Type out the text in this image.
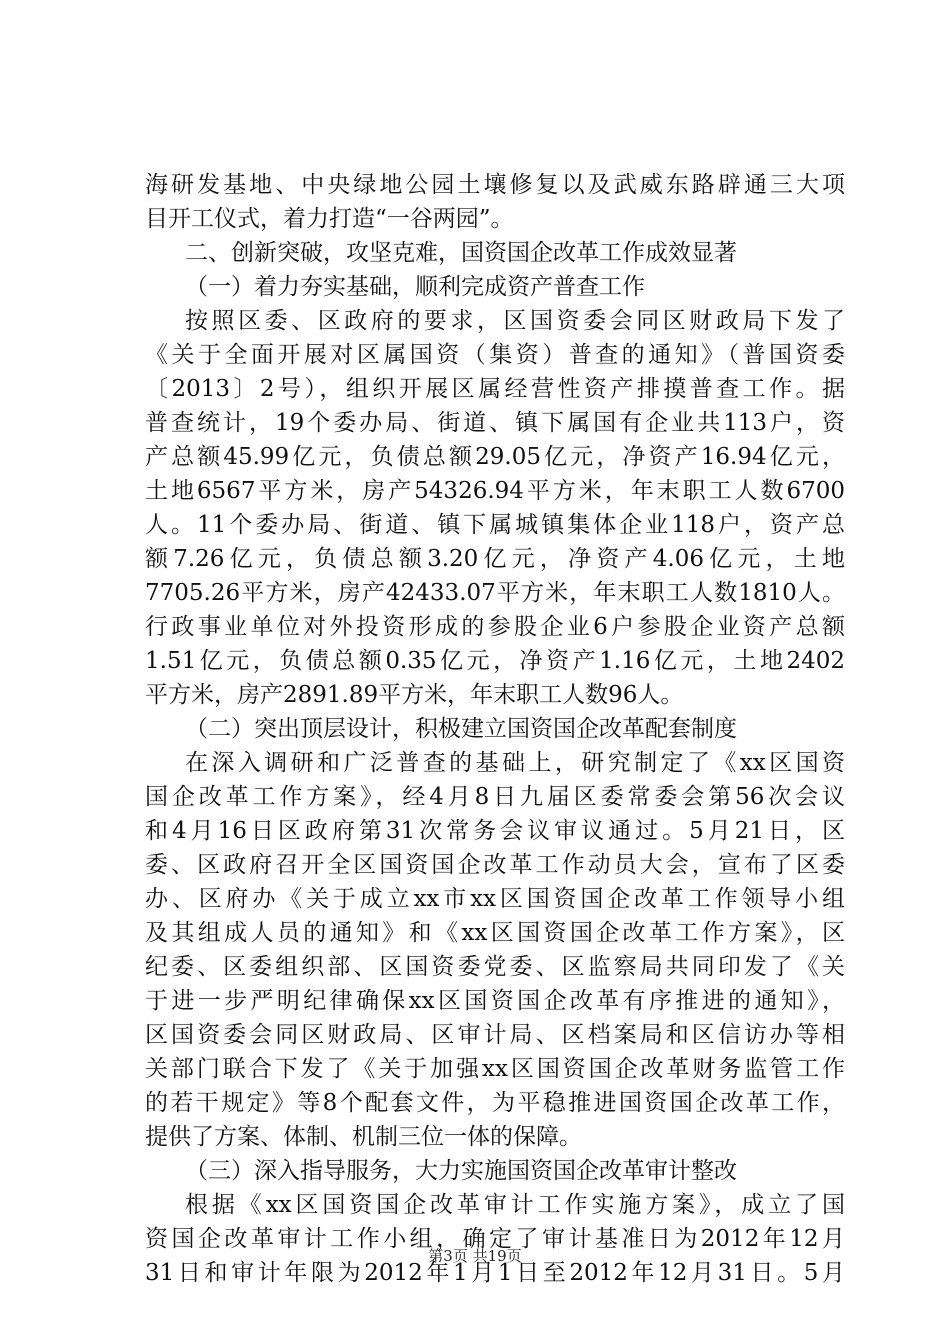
海研发基地、中央绿地公园土壤修复以及武威东路辟通三大项
目开工仪式，着力打造“一谷两园”。
二、创新突破，攻坚克难，国资国企改革工作成效显著
（一）着力夯实基础，顺利完成资产普查工作
按照区委、区政府的要求，区国资委会同区财政局下发了
《关于全面开展对区属国资（集资）普查的通知》（普国资委
〔2013〕2号），组织开展区属经营性资产排摸普查工作。据
普查统计，19个委办局、街道、镇下属国有企业共113户，资
产总额45.99亿元，负债总额29.05亿元，净资产16.94亿元，
土地6567平方米，房产54326.94平方米，年末职工人数6700
人。11个委办局、街道、镇下属城镇集体企业118户，资产总
额7.26亿元，负债总额3.20亿元，净资产4.06亿元，土地
7705.26平方米，房产42433.07平方米，年末职工人数1810人。
行政事业单位对外投资形成的参股企业6户参股企业资产总额
1.51亿元，负债总额0.35亿元，净资产1.16亿元，土地2402
平方米，房产2891.89平方米，年末职工人数96人。
（二）突出顶层设计，积极建立国资国企改革配套制度
在深入调研和广泛普查的基础上，研究制定了《xx区国资
国企改革工作方案》，经4月8日九届区委常委会第56次会议
和4月16日区政府第31次常务会议审议通过。5月21日，区
委、区政府召开全区国资国企改革工作动员大会，宣布了区委
办、区府办《关于成立xx市xx区国资国企改革工作领导小组
及其组成人员的通知》和《xx区国资国企改革工作方案》，区
纪委、区委组织部、区国资委党委、区监察局共同印发了《关
于进一步严明纪律确保xx区国资国企改革有序推进的通知》，
区国资委会同区财政局、区审计局、区档案局和区信访办等相
关部门联合下发了《关于加强xx区国资国企改革财务监管工作
的若干规定》等8个配套文件，为平稳推进国资国企改革工作，
提供了方案、体制、机制三位一体的保障。
（三）深入指导服务，大力实施国资国企改革审计整改
根据《xx区国资国企改革审计工作实施方案》，成立了国
资国企改革审计工作小组，确定了审计基准日为2012年12月
31日和审计年限为2012年1月1日至2012年12月31日。5月
第3页 共19页
